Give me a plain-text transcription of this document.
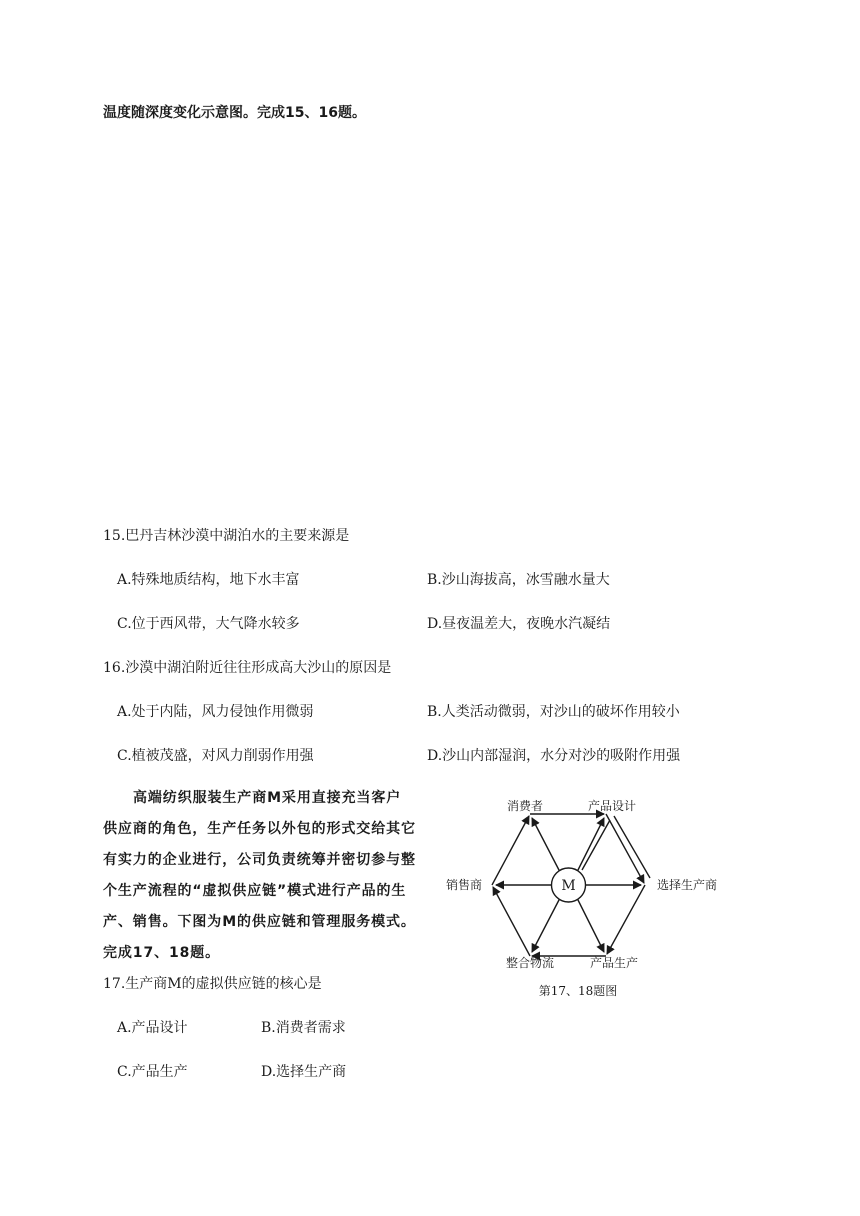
温度随深度变化示意图。完成15、16题。
15.巴丹吉林沙漠中湖泊水的主要来源是
A.特殊地质结构，地下水丰富	B.沙山海拔高，冰雪融水量大
C.位于西风带，大气降水较多	D.昼夜温差大，夜晚水汽凝结
16.沙漠中湖泊附近往往形成高大沙山的原因是
A.处于内陆，风力侵蚀作用微弱	B.人类活动微弱，对沙山的破坏作用较小
C.植被茂盛，对风力削弱作用强	D.沙山内部湿润，水分对沙的吸附作用强
高端纺织服装生产商M采用直接充当客户
供应商的角色，生产任务以外包的形式交给其它
有实力的企业进行，公司负责统筹并密切参与整
个生产流程的“虚拟供应链”模式进行产品的生
产、销售。下图为M的供应链和管理服务模式。
完成17、18题。
17.生产商M的虚拟供应链的核心是
A.产品设计	B.消费者需求
C.产品生产	D.选择生产商
M
消费者	产品设计
选择生产商
产品生产
整合物流
销售商
第17、18题图
